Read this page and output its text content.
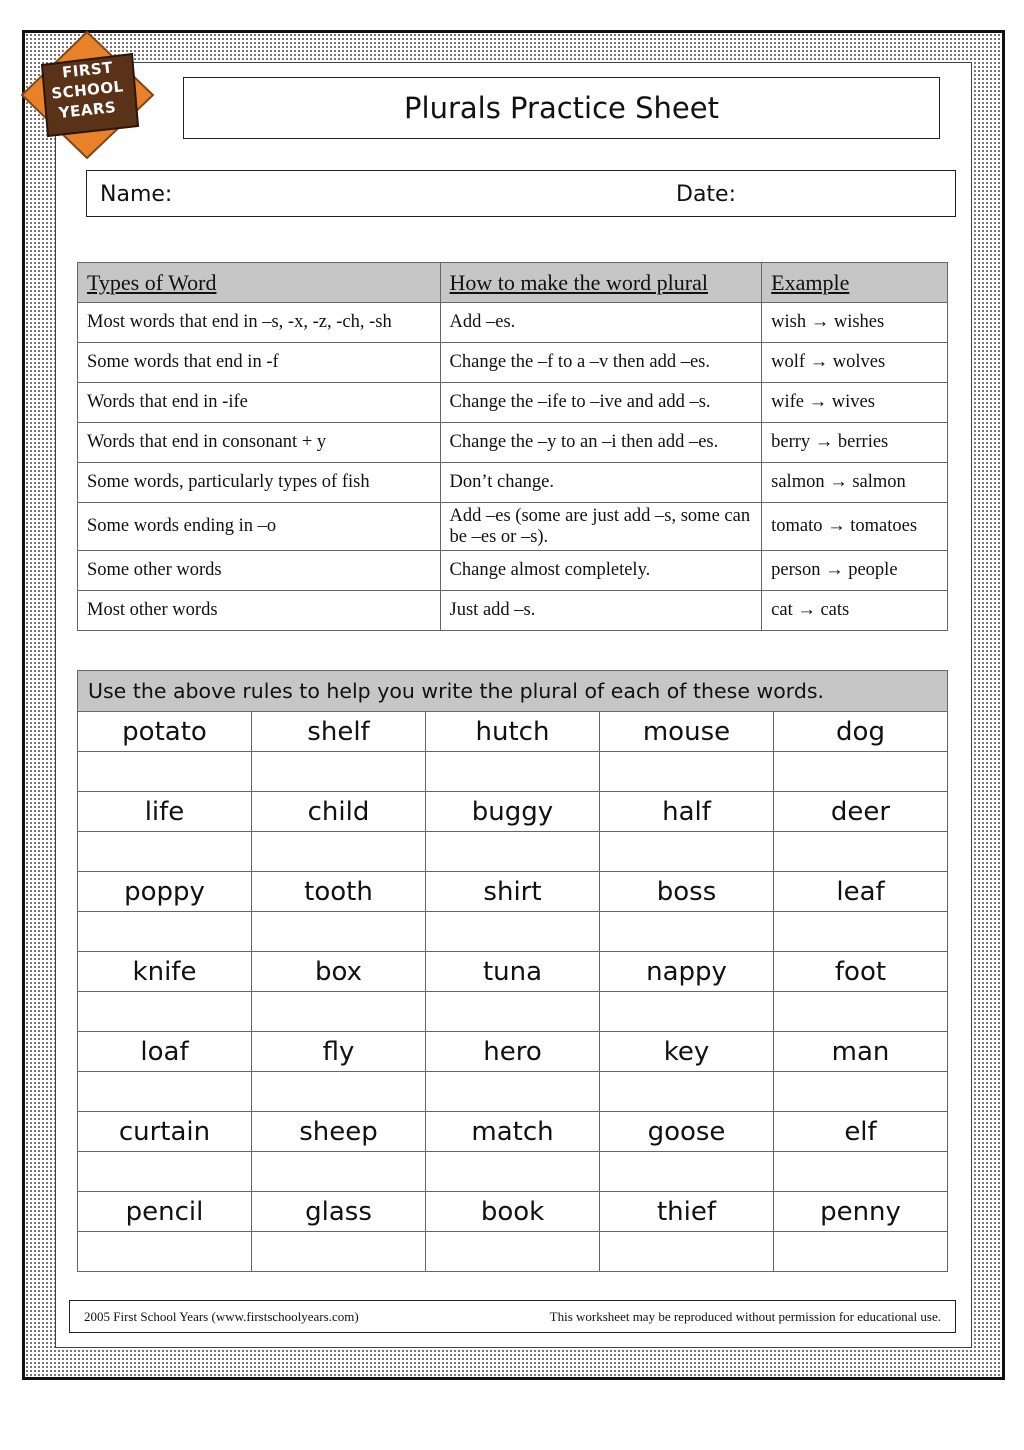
FIRST
SCHOOL
YEARS	Plurals Practice Sheet
Name:	Date:
Types of Word	How to make the word plural	Example
Most words that end in –s, -x, -z, -ch, -sh	Add –es.	wish → wishes
Some words that end in -f	Change the –f to a –v then add –es.	wolf → wolves
Words that end in -ife	Change the –ife to –ive and add –s.	wife → wives
Words that end in consonant + y	Change the –y to an –i then add –es.	berry → berries
Some words, particularly types of fish	Don’t change.	salmon → salmon
Some words ending in –o	Add –es (some are just add –s, some can be –es or –s).	tomato → tomatoes
Some other words	Change almost completely.	person → people
Most other words	Just add –s.	cat → cats
Use the above rules to help you write the plural of each of these words.				
potato	shelf	hutch	mouse	dog

life	child	buggy	half	deer

poppy	tooth	shirt	boss	leaf

knife	box	tuna	nappy	foot

loaf	fly	hero	key	man

curtain	sheep	match	goose	elf

pencil	glass	book	thief	penny

2005 First School Years (www.firstschoolyears.com)	This worksheet may be reproduced without permission for educational use.
